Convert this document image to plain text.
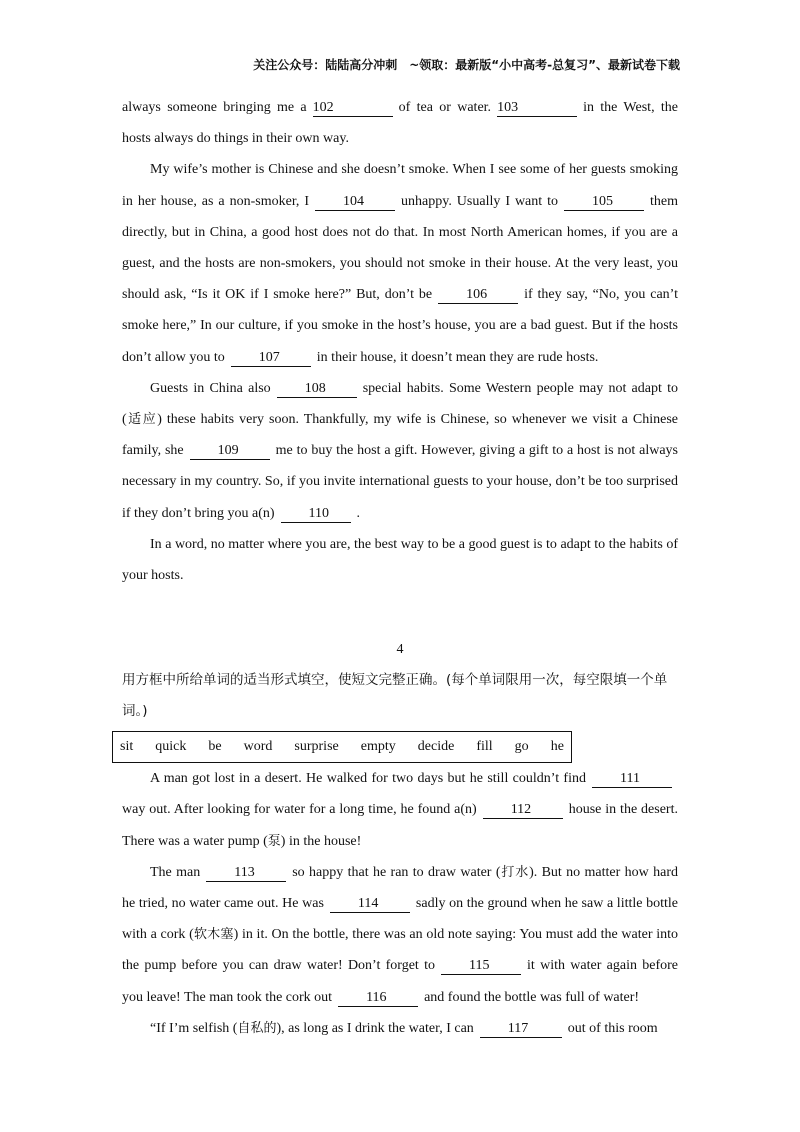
关注公众号：陆陆高分冲刺　~领取：最新版“小中高考-总复习”、最新试卷下载

always someone bringing me a 102	of tea or water. 103	in the West, the hosts always do things in their own way.

My wife’s mother is Chinese and she doesn’t smoke. When I see some of her guests smoking in her house, as a non-smoker, I 104	unhappy. Usually I want to 105	them directly, but in China, a good host does not do that. In most North American homes, if you are a guest, and the hosts are non-smokers, you should not smoke in their house. At the very least, you should ask, “Is it OK if I smoke here?” But, don’t be 106	if they say, “No, you can’t smoke here,” In our culture, if you smoke in the host’s house, you are a bad guest. But if the hosts don’t allow you to 107	in their house, it doesn’t mean they are rude hosts.

Guests in China also 108	special habits. Some Western people may not adapt to (适应) these habits very soon. Thankfully, my wife is Chinese, so whenever we visit a Chinese family, she 109	me to buy the host a gift. However, giving a gift to a host is not always necessary in my country. So, if you invite international guests to your house, don’t be too surprised if they don’t bring you a(n) 110 .

In a word, no matter where you are, the best way to be a good guest is to adapt to the habits of your hosts.

4

用方框中所给单词的适当形式填空，使短文完整正确。(每个单词限用一次，每空限填一个单词。)

sit quick be word surprise empty decide fill go he

A man got lost in a desert. He walked for two days but he still couldn’t find 111way out. After looking for water for a long time, he found a(n) 112	house in the desert. There was a water pump (泵) in the house!

The man 113	so happy that he ran to draw water (打水). But no matter how hard he tried, no water came out. He was 114	sadly on the ground when he saw a little bottle with a cork (软木塞) in it. On the bottle, there was an old note saying: You must add the water into the pump before you can draw water! Don’t forget to 115	it with water again before you leave! The man took the cork out 116	and found the bottle was full of water!

“If I’m selfish (自私的), as long as I drink the water, I can 117	out of this room
